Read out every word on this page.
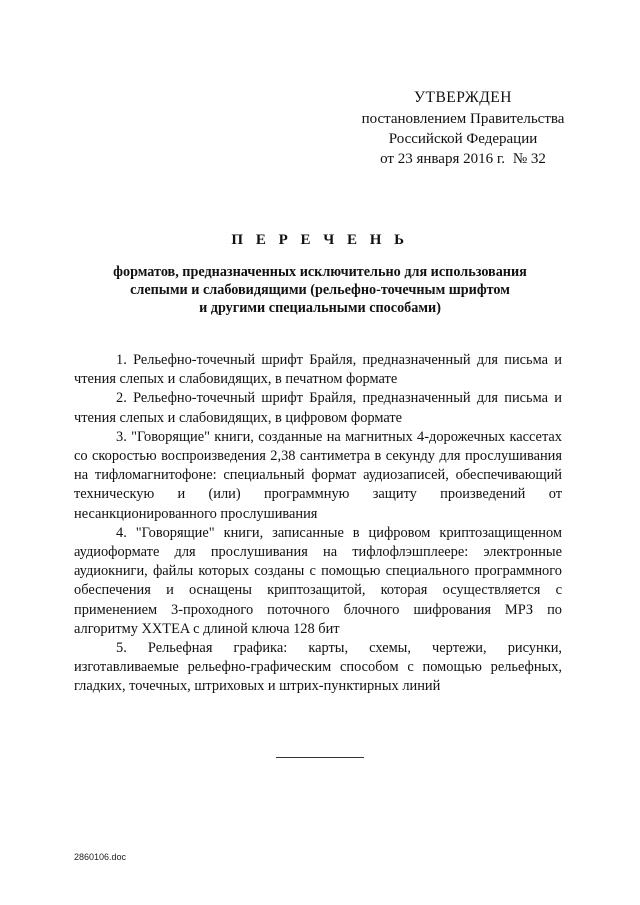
УТВЕРЖДЕН
постановлением Правительства
Российской Федерации
от 23 января 2016 г. № 32
П Е Р Е Ч Е Н Ь
форматов, предназначенных исключительно для использования
слепыми и слабовидящими (рельефно-точечным шрифтом
и другими специальными способами)

1. Рельефно-точечный шрифт Брайля, предназначенный для письма и чтения слепых и слабовидящих, в печатном формате

2. Рельефно-точечный шрифт Брайля, предназначенный для письма и чтения слепых и слабовидящих, в цифровом формате

3. "Говорящие" книги, созданные на магнитных 4-дорожечных кассетах со скоростью воспроизведения 2,38 сантиметра в секунду для прослушивания на тифломагнитофоне: специальный формат аудиозаписей, обеспечивающий техническую и (или) программную защиту произведений от несанкционированного прослушивания

4. "Говорящие" книги, записанные в цифровом криптозащищенном аудиоформате для прослушивания на тифлофлэшплеере: электронные аудиокниги, файлы которых созданы с помощью специального программного обеспечения и оснащены криптозащитой, которая осуществляется с применением 3-проходного поточного блочного шифрования МРЗ по алгоритму XXTEA с длиной ключа 128 бит

5. Рельефная графика: карты, схемы, чертежи, рисунки, изготавливаемые рельефно-графическим способом с помощью рельефных, гладких, точечных, штриховых и штрих-пунктирных линий

2860106.doc
